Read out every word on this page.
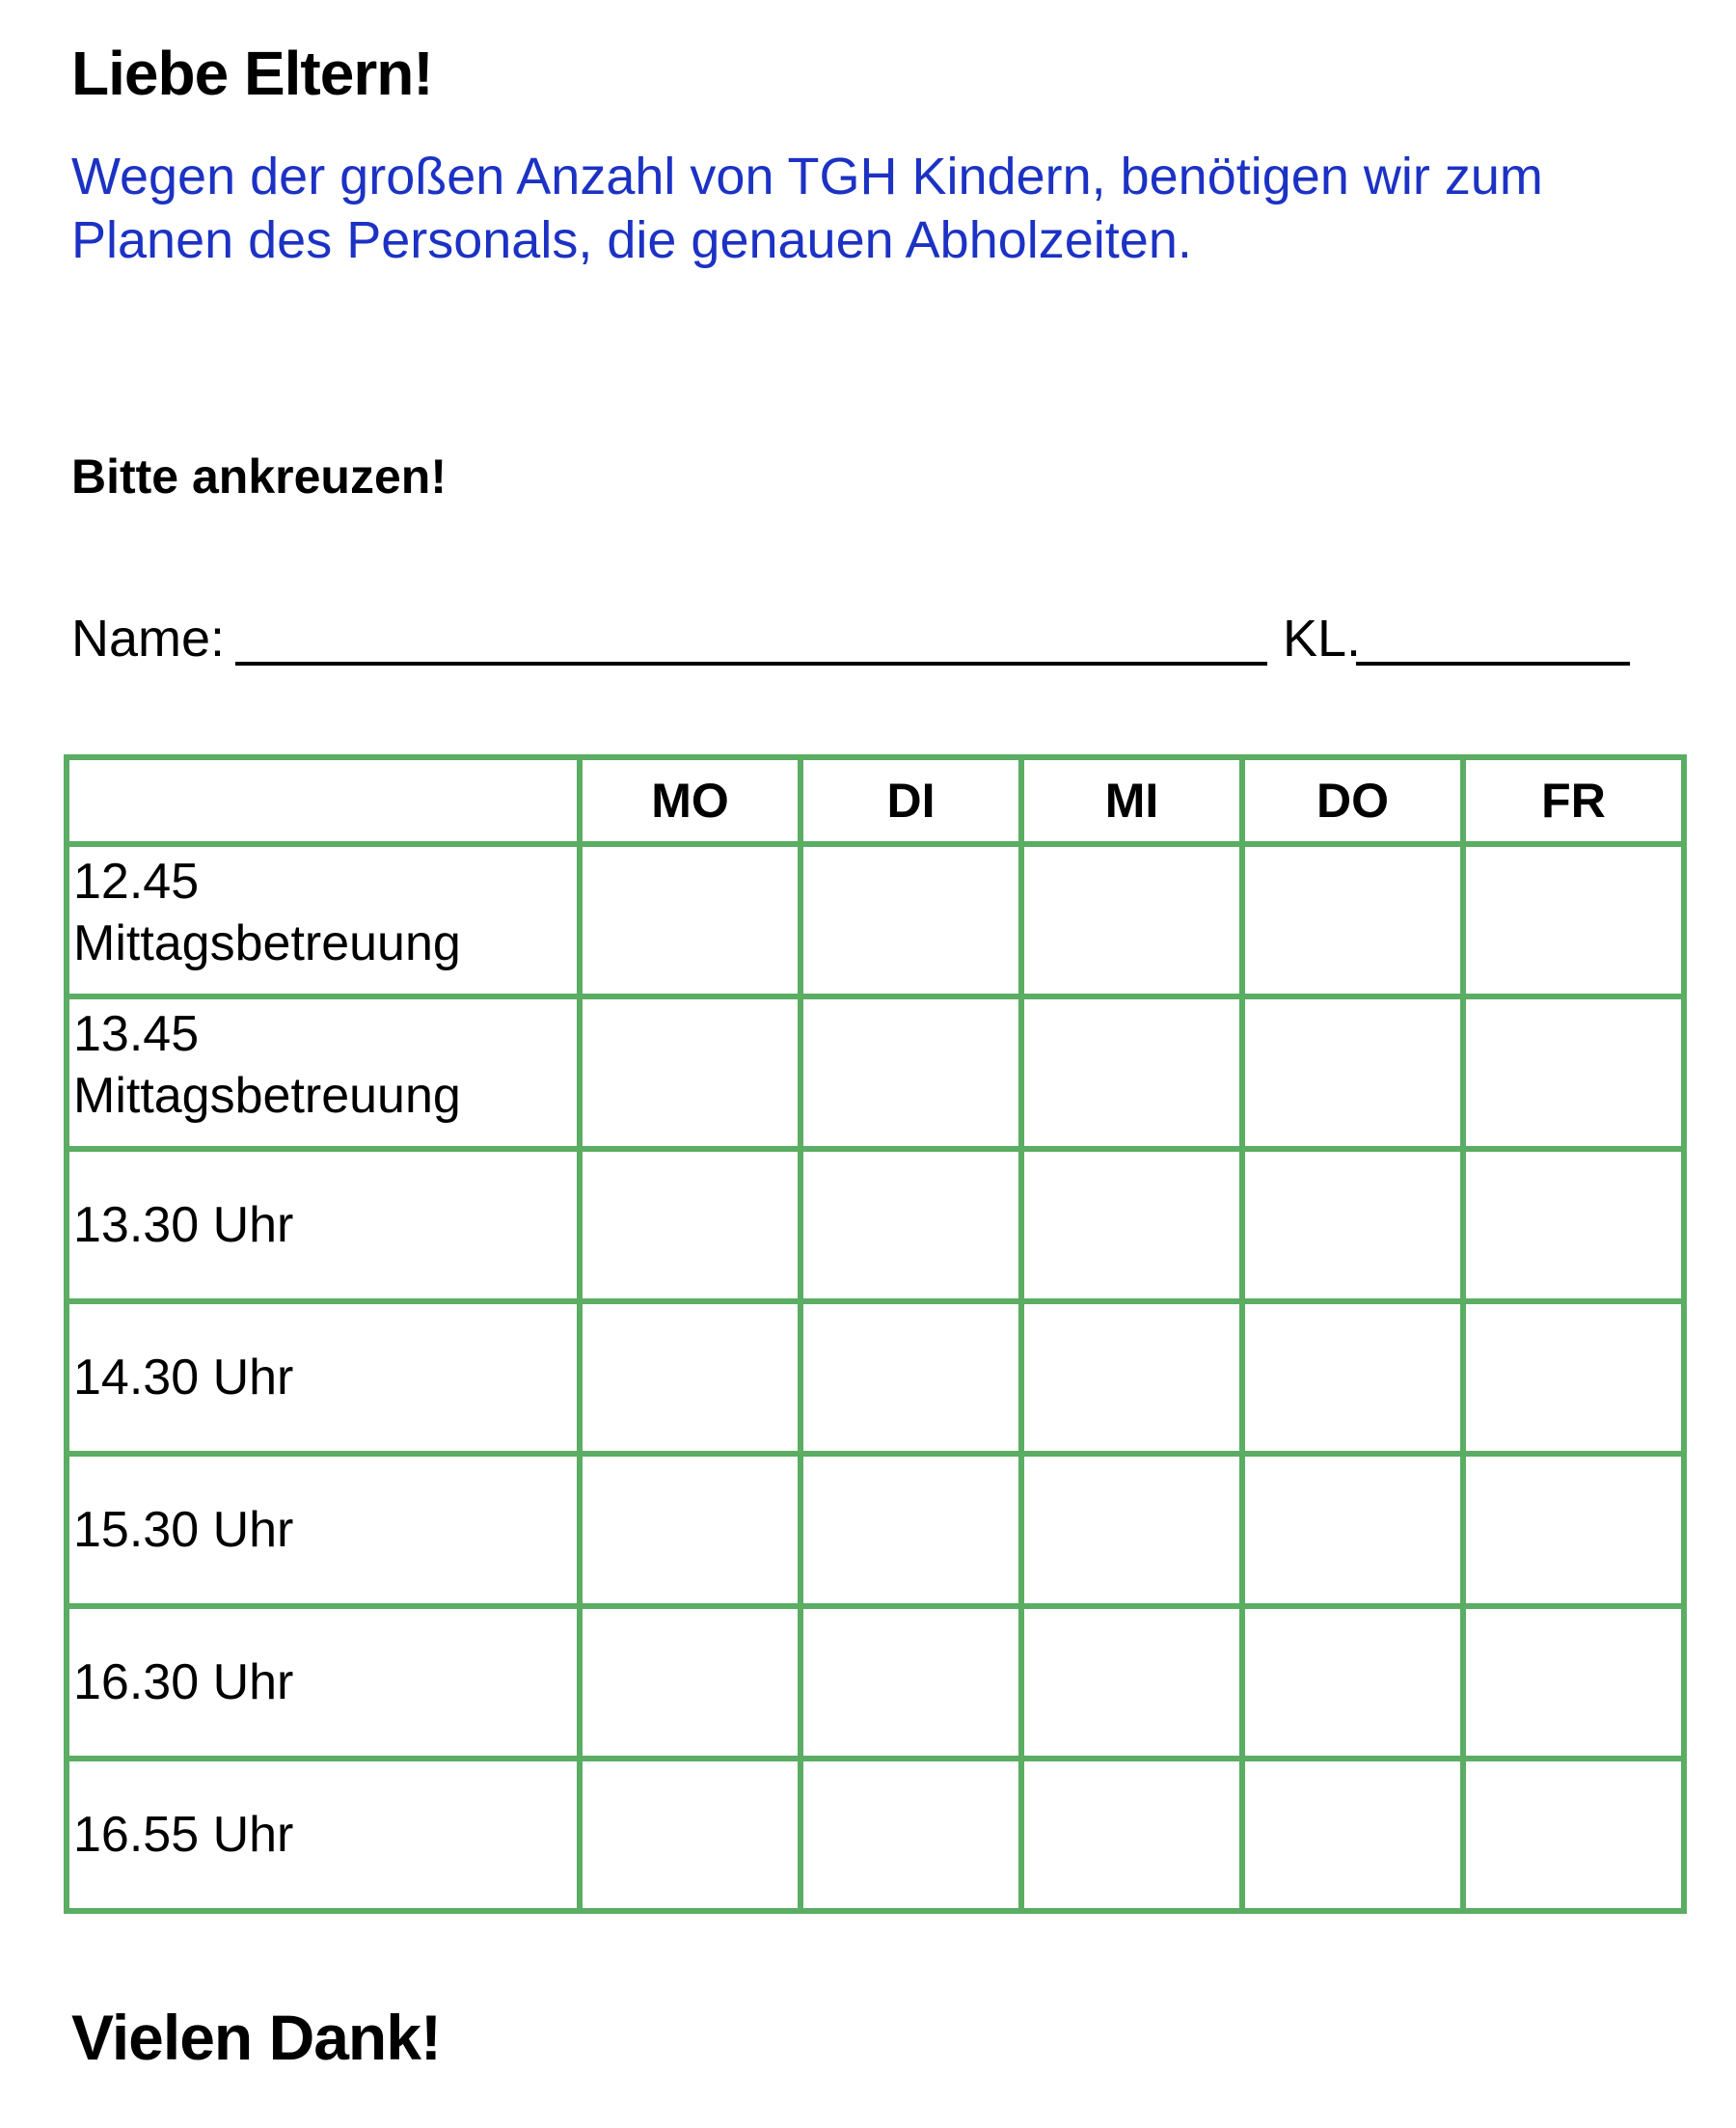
Liebe Eltern!

Wegen der großen Anzahl von TGH Kindern, benötigen wir zum Planen des Personals, die genauen Abholzeiten.

Bitte ankreuzen!
Name:	KL.
	MO	DI	MI	DO	FR
12.45
Mittagsbetreuung					
13.45
Mittagsbetreuung					
13.30 Uhr					
14.30 Uhr					
15.30 Uhr					
16.30 Uhr					
16.55 Uhr					
Vielen Dank!
